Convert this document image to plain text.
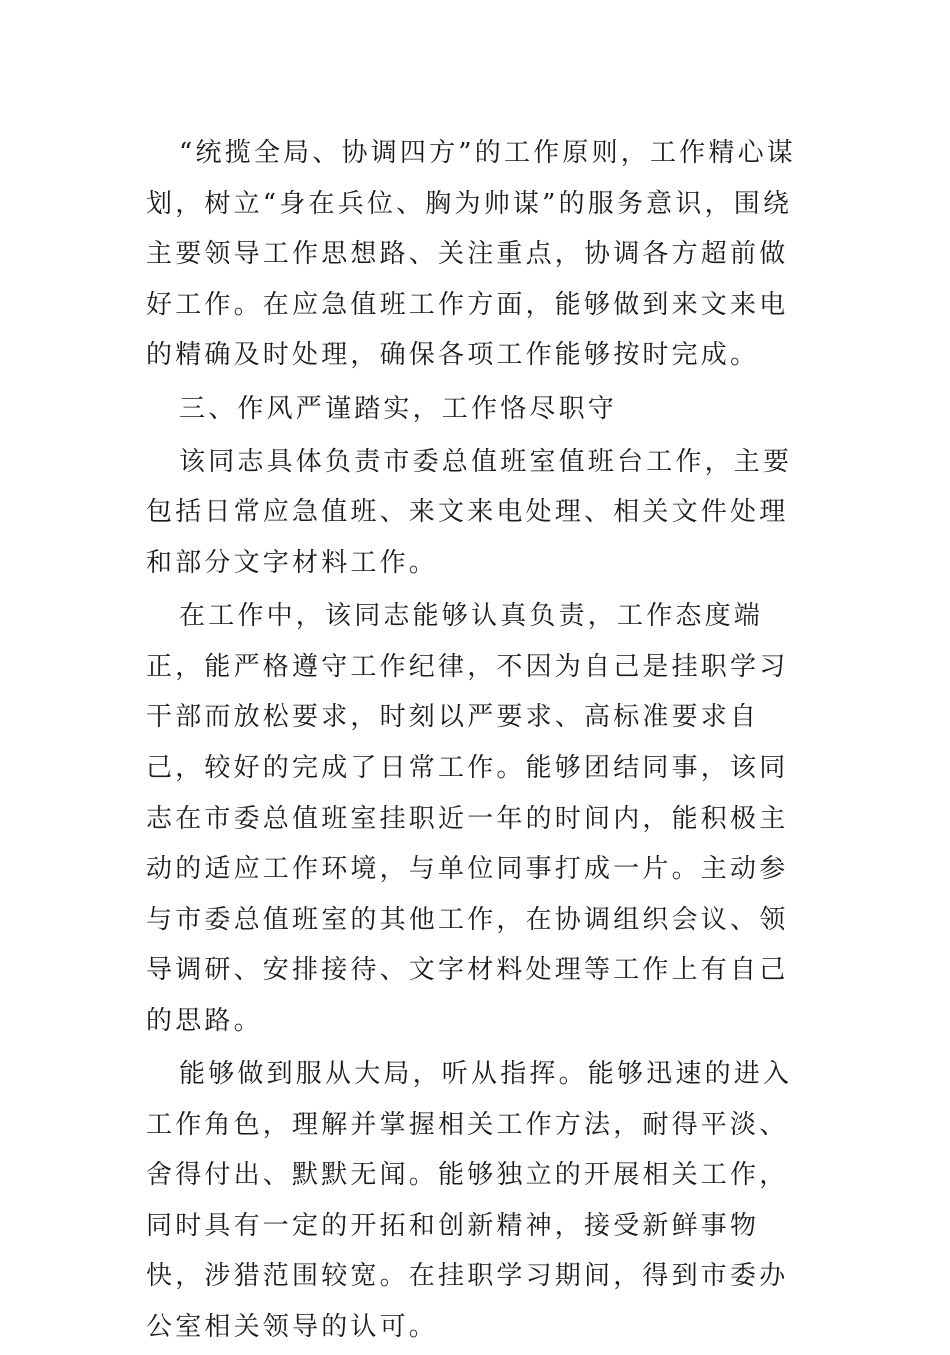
“统揽全局、协调四方”的工作原则，工作精心谋划，树立“身在兵位、胸为帅谋”的服务意识，围绕主要领导工作思想路、关注重点，协调各方超前做好工作。在应急值班工作方面，能够做到来文来电的精确及时处理，确保各项工作能够按时完成。

三、作风严谨踏实，工作恪尽职守

该同志具体负责市委总值班室值班台工作，主要包括日常应急值班、来文来电处理、相关文件处理和部分文字材料工作。

在工作中，该同志能够认真负责，工作态度端正，能严格遵守工作纪律，不因为自己是挂职学习干部而放松要求，时刻以严要求、高标准要求自己，较好的完成了日常工作。能够团结同事，该同志在市委总值班室挂职近一年的时间内，能积极主动的适应工作环境，与单位同事打成一片。主动参与市委总值班室的其他工作，在协调组织会议、领导调研、安排接待、文字材料处理等工作上有自己的思路。

能够做到服从大局，听从指挥。能够迅速的进入工作角色，理解并掌握相关工作方法，耐得平淡、舍得付出、默默无闻。能够独立的开展相关工作，同时具有一定的开拓和创新精神，接受新鲜事物快，涉猎范围较宽。在挂职学习期间，得到市委办公室相关领导的认可。
